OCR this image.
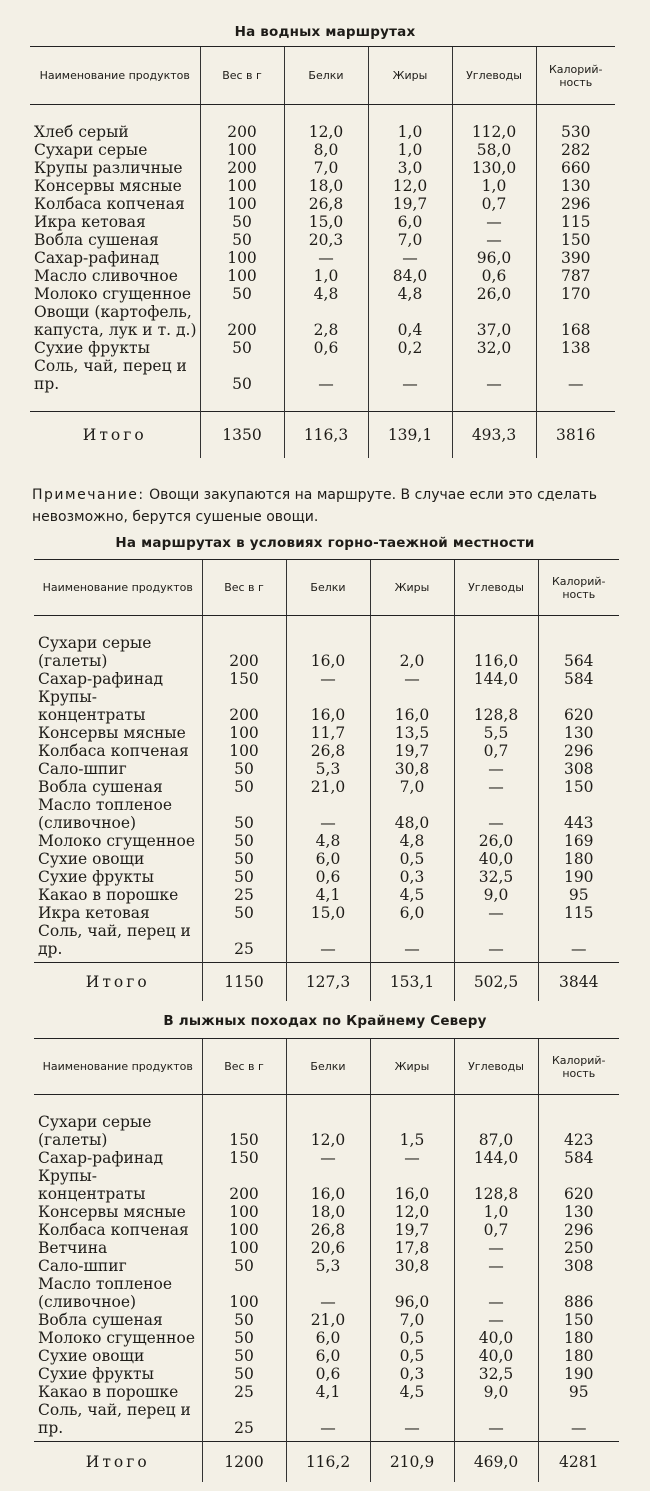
На водных маршрутах
Наименование продуктов	Вес в г	Белки	Жиры	Углеводы	Калорий-ность

Хлеб серый	200	12,0	1,0	112,0	530
Сухари серые	100	8,0	1,0	58,0	282
Крупы различные	200	7,0	3,0	130,0	660
Консервы мясные	100	18,0	12,0	1,0	130
Колбаса копченая	100	26,8	19,7	0,7	296
Икра кетовая	50	15,0	6,0	—	115
Вобла сушеная	50	20,3	7,0	—	150
Сахар-рафинад	100	—	—	96,0	390
Масло сливочное	100	1,0	84,0	0,6	787
Молоко сгущенное	50	4,8	4,8	26,0	170
Овощи (картофель, капуста, лук и т. д.)	200	2,8	0,4	37,0	168
Сухие фрукты	50	0,6	0,2	32,0	138
Соль, чай, перец и пр.	50	—	—	—	—

Итого	1350	116,3	139,1	493,3	3816
Примечание: Овощи закупаются на маршруте. В случае если это сделать невозможно, берутся сушеные овощи.
На маршрутах в условиях горно-таежной местности
Наименование продуктов	Вес в г	Белки	Жиры	Углеводы	Калорий-ность

Сухари серые (галеты)	200	16,0	2,0	116,0	564
Сахар-рафинад	150	—	—	144,0	584
Крупы-концентраты	200	16,0	16,0	128,8	620
Консервы мясные	100	11,7	13,5	5,5	130
Колбаса копченая	100	26,8	19,7	0,7	296
Сало-шпиг	50	5,3	30,8	—	308
Вобла сушеная	50	21,0	7,0	—	150
Масло топленое (сливочное)	50	—	48,0	—	443
Молоко сгущенное	50	4,8	4,8	26,0	169
Сухие овощи	50	6,0	0,5	40,0	180
Сухие фрукты	50	0,6	0,3	32,5	190
Какао в порошке	25	4,1	4,5	9,0	95
Икра кетовая	50	15,0	6,0	—	115
Соль, чай, перец и др.	25	—	—	—	—

Итого	1150	127,3	153,1	502,5	3844
В лыжных походах по Крайнему Северу
Наименование продуктов	Вес в г	Белки	Жиры	Углеводы	Калорий-ность

Сухари серые (галеты)	150	12,0	1,5	87,0	423
Сахар-рафинад	150	—	—	144,0	584
Крупы-концентраты	200	16,0	16,0	128,8	620
Консервы мясные	100	18,0	12,0	1,0	130
Колбаса копченая	100	26,8	19,7	0,7	296
Ветчина	100	20,6	17,8	—	250
Сало-шпиг	50	5,3	30,8	—	308
Масло топленое (сливочное)	100	—	96,0	—	886
Вобла сушеная	50	21,0	7,0	—	150
Молоко сгущенное	50	6,0	0,5	40,0	180
Сухие овощи	50	6,0	0,5	40,0	180
Сухие фрукты	50	0,6	0,3	32,5	190
Какао в порошке	25	4,1	4,5	9,0	95
Соль, чай, перец и пр.	25	—	—	—	—

Итого	1200	116,2	210,9	469,0	4281
